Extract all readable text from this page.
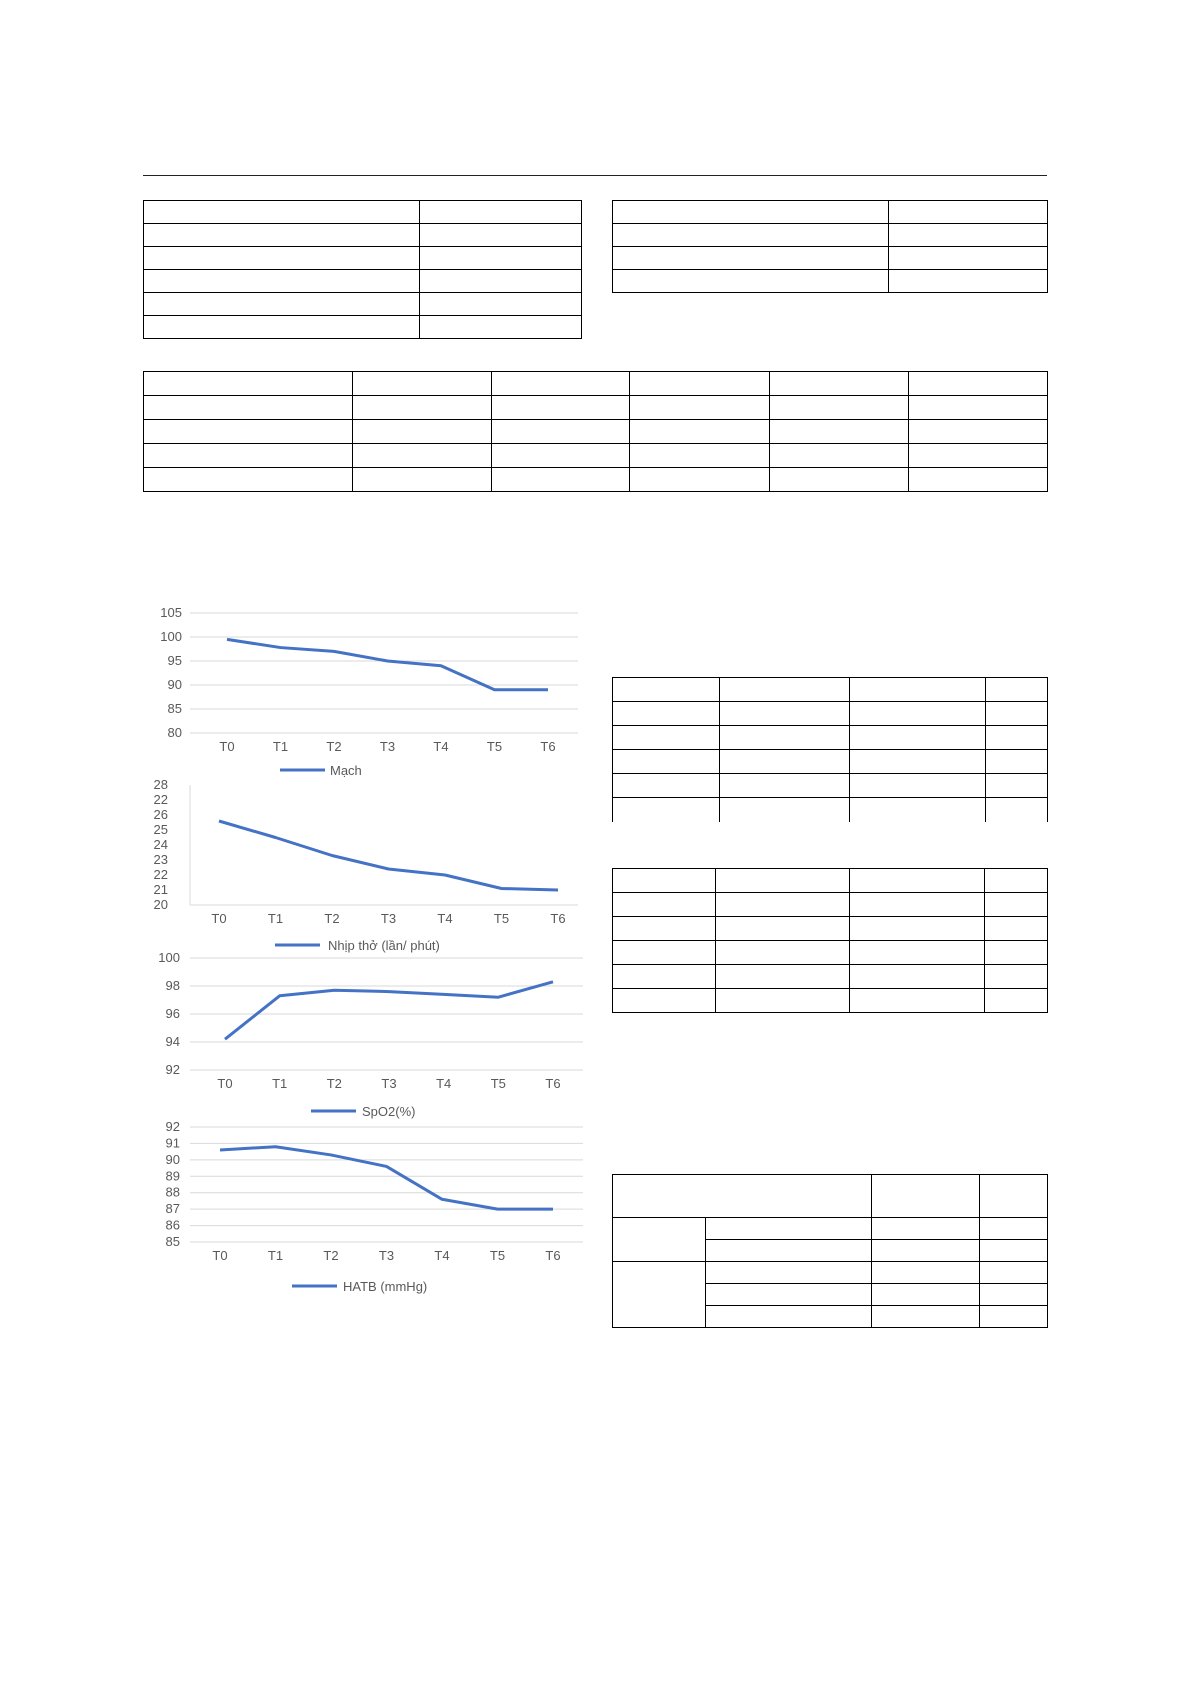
80
85
90
95
100
105
T0	T1	T2	T3	T4	T5	T6
Mạch
20
21
22
23
24
25
26
22
28
T0	T1	T2	T3	T4	T5	T6
Nhịp thở (lần/ phút)
92
94
96
98
100
T0	T1	T2	T3	T4	T5	T6
SpO2(%)
85
86
87
88
89
90
91
92
T0	T1	T2	T3	T4	T5	T6
HATB (mmHg)
